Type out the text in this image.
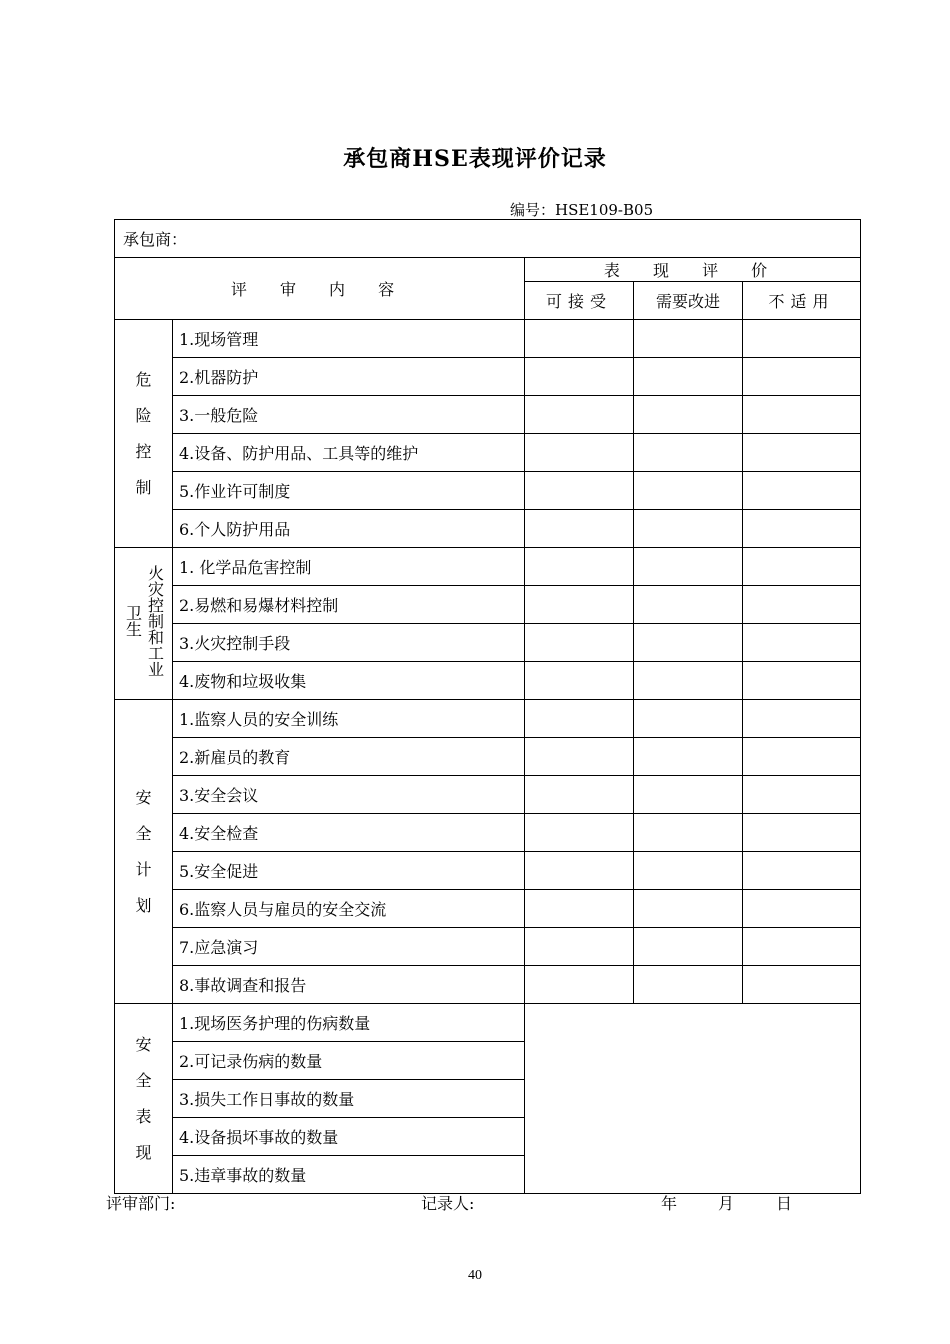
承包商HSE表现评价记录
编号：HSE109-B05
承包商：				
评 审 内 容		表 现 评 价		
		可接受	需要改进	不适用
危险控制	1.现场管理			
	2.机器防护			
	3.一般危险			
	4.设备、防护用品、工具等的维护			
	5.作业许可制度			
	6.个人防护用品			
火灾控制和工业卫生	1. 化学品危害控制			
	2.易燃和易爆材料控制			
	3.火灾控制手段			
	4.废物和垃圾收集			
安全计划	1.监察人员的安全训练			
	2.新雇员的教育			
	3.安全会议			
	4.安全检查			
	5.安全促进			
	6.监察人员与雇员的安全交流			
	7.应急演习			
	8.事故调查和报告			
安全表现	1.现场医务护理的伤病数量			
	2.可记录伤病的数量			
	3.损失工作日事故的数量			
	4.设备损坏事故的数量			
	5.违章事故的数量			
评审部门:	记录人:	年	月	日
40
